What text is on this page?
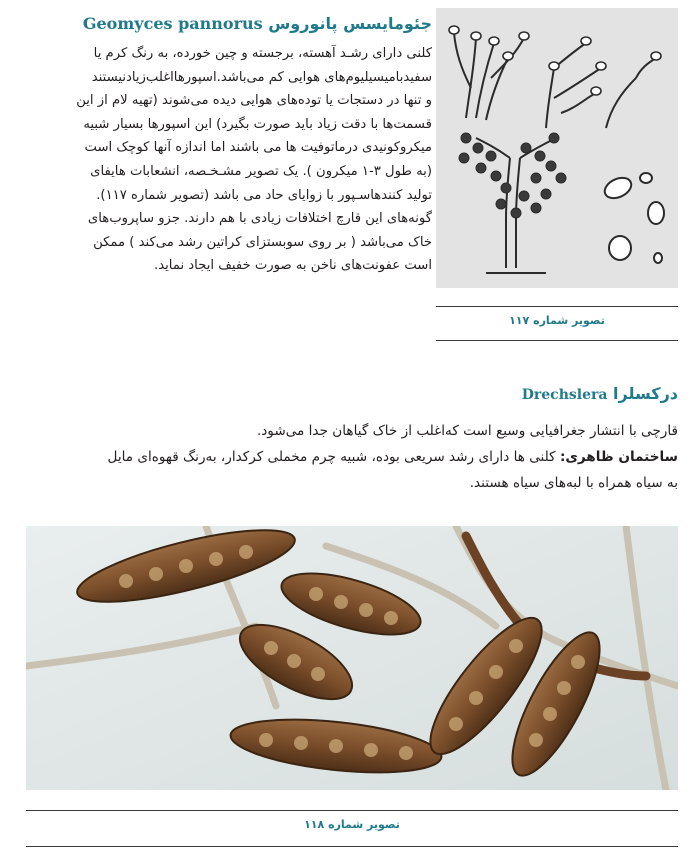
جئومایسس پانوروس Geomyces pannorus

کلنی دارای رشـد آهسته، برجسته و چین خورده، به رنگ کرم یا
سفیدبامیسیلیوم‌های هوایی کم می‌باشد.اسپورها‌اغلب‌زیاد‌نیستند
و تنها در دستجات یا توده‌های هوایی دیده می‌شوند (تهیه لام از این
قسمت‌ها با دقت زیاد باید صورت بگیرد) این اسپورها بسیار شبیه
میکروکونیدی درماتوفیت ها می باشند اما اندازه آنها کوچک است
(به طول ۳-۱ میکرون ). یک تصویر مشـخـصه، انشعابات هایفای
تولید کنندهاسـپور با زوایای حاد می باشد (تصویر شماره ۱۱۷).
گونه‌های این قارچ اختلافات زیادی با هم دارند. جزو ساپروب‌های
خاک می‌باشد ( بر روی سوبستزای کراتین رشد می‌کند ) ممکن
است عفونت‌های ناخن به صورت خفیف ایجاد نماید.

تصویر شماره ۱۱۷
درکسلرا Drechslera

قارچی با انتشار جغرافیایی وسیع است که‌اغلب از خاک گیاهان جدا می‌شود.
ساختمان ظاهری: کلنی ها دارای رشد سریعی بوده، شبیه چرم مخملی کرکدار، به‌رنگ قهوه‌ای مایل
به سیاه همراه با لبه‌های سیاه هستند.

تصویر شماره ۱۱۸
